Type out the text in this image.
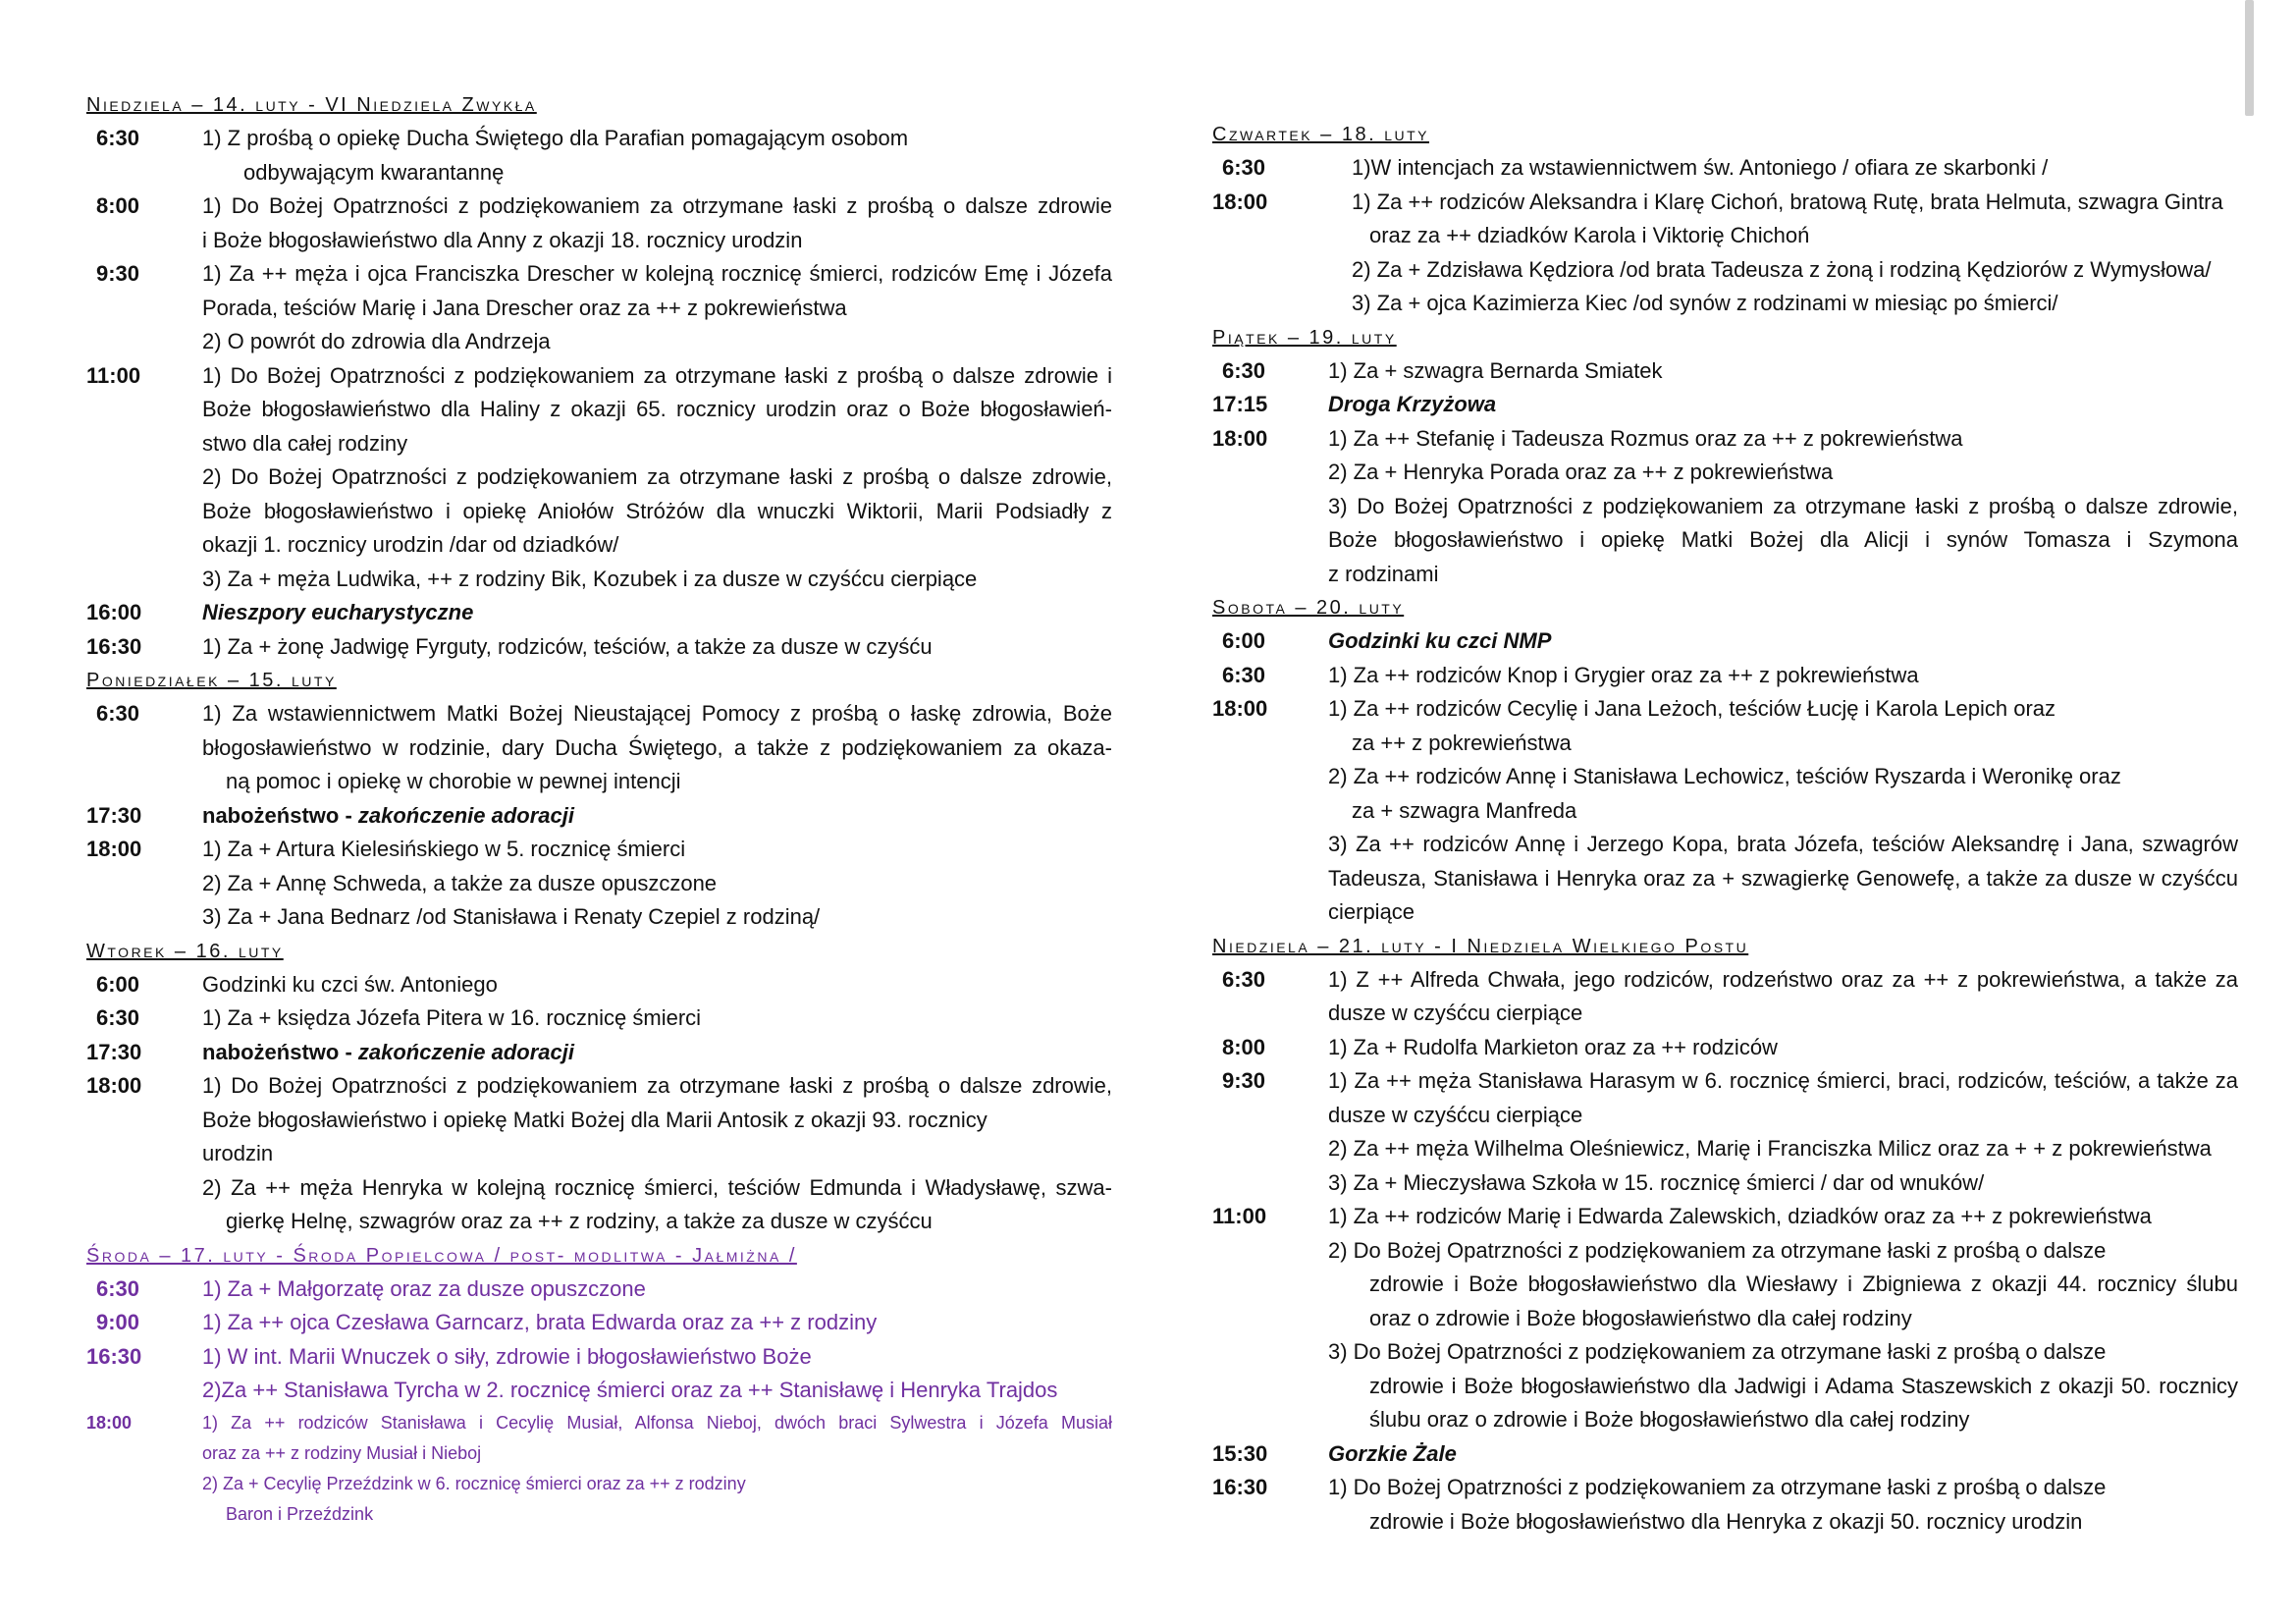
Niedziela – 14. luty - VI Niedziela Zwykła
6:30	1) Z prośbą o opiekę Ducha Świętego dla Parafian pomagającym osobom
odbywającym kwarantannę
8:00	1) Do Bożej Opatrzności z podziękowaniem za otrzymane łaski z prośbą o dalsze zdrowie
i Boże błogosławieństwo dla Anny z okazji 18. rocznicy urodzin
9:30	1) Za ++ męża i ojca Franciszka Drescher w kolejną rocznicę śmierci, rodziców Emę i Józefa
Porada, teściów Marię i Jana Drescher oraz za ++ z pokrewieństwa
2) O powrót do zdrowia dla Andrzeja
11:00	1) Do Bożej Opatrzności z podziękowaniem za otrzymane łaski z prośbą o dalsze zdrowie i
Boże błogosławieństwo dla Haliny z okazji 65. rocznicy urodzin oraz o Boże błogosławień-
stwo dla całej rodziny
2) Do Bożej Opatrzności z podziękowaniem za otrzymane łaski z prośbą o dalsze zdrowie,
Boże błogosławieństwo i opiekę Aniołów Stróżów dla wnuczki Wiktorii, Marii Podsiadły z
okazji 1. rocznicy urodzin /dar od dziadków/
3) Za + męża Ludwika, ++ z rodziny Bik, Kozubek i za dusze w czyśćcu cierpiące
16:00	Nieszpory eucharystyczne
16:30	1) Za + żonę Jadwigę Fyrguty, rodziców, teściów, a także za dusze w czyśću
Poniedziałek – 15. luty
6:30	1) Za wstawiennictwem Matki Bożej Nieustającej Pomocy z prośbą o łaskę zdrowia, Boże
błogosławieństwo w rodzinie, dary Ducha Świętego, a także z podziękowaniem za okaza-
ną pomoc i opiekę w chorobie w pewnej intencji
17:30	nabożeństwo - zakończenie adoracji
18:00	1) Za + Artura Kielesińskiego w 5. rocznicę śmierci
2) Za + Annę Schweda, a także za dusze opuszczone
3) Za + Jana Bednarz /od Stanisława i Renaty Czepiel z rodziną/
Wtorek – 16. luty
6:00	Godzinki ku czci św. Antoniego
6:30	1) Za + księdza Józefa Pitera w 16. rocznicę śmierci
17:30	nabożeństwo - zakończenie adoracji
18:00	1) Do Bożej Opatrzności z podziękowaniem za otrzymane łaski z prośbą o dalsze zdrowie,
Boże błogosławieństwo i opiekę Matki Bożej dla Marii Antosik z okazji 93. rocznicy
urodzin
2) Za ++ męża Henryka w kolejną rocznicę śmierci, teściów Edmunda i Władysławę, szwa-
gierkę Helnę, szwagrów oraz za ++ z rodziny, a także za dusze w czyśćcu
Środa – 17. luty - Środa Popielcowa / post- modlitwa - Jałmiżna /
6:30	1) Za + Małgorzatę oraz za dusze opuszczone
9:00	1) Za ++ ojca Czesława Garncarz, brata Edwarda oraz za ++ z rodziny
16:30	1) W int. Marii Wnuczek o siły, zdrowie i błogosławieństwo Boże
2)Za ++ Stanisława Tyrcha w 2. rocznicę śmierci oraz za ++ Stanisławę i Henryka Trajdos
18:00	1) Za ++ rodziców Stanisława i Cecylię Musiał, Alfonsa Nieboj, dwóch braci Sylwestra i Józefa Musiał
oraz za ++ z rodziny Musiał i Nieboj
2) Za + Cecylię Przeździnk w 6. rocznicę śmierci oraz za ++ z rodziny
Baron i Przeździnk
Czwartek – 18. luty
6:30	1)W intencjach za wstawiennictwem św. Antoniego / ofiara ze skarbonki /
18:00	1) Za ++ rodziców Aleksandra i Klarę Cichoń, bratową Rutę, brata Helmuta, szwagra Gintra
oraz za ++ dziadków Karola i Viktorię Chichoń
2) Za + Zdzisława Kędziora /od brata Tadeusza z żoną i rodziną Kędziorów z Wymysłowa/
3) Za + ojca Kazimierza Kiec /od synów z rodzinami w miesiąc po śmierci/
Piątek – 19. luty
6:30	1) Za + szwagra Bernarda Smiatek
17:15	Droga Krzyżowa
18:00	1) Za ++ Stefanię i Tadeusza Rozmus oraz za ++ z pokrewieństwa
2) Za + Henryka Porada oraz za ++ z pokrewieństwa
3) Do Bożej Opatrzności z podziękowaniem za otrzymane łaski z prośbą o dalsze zdrowie,
Boże błogosławieństwo i opiekę Matki Bożej dla Alicji i synów Tomasza i Szymona
z rodzinami
Sobota – 20. luty
6:00	Godzinki ku czci NMP
6:30	1) Za ++ rodziców Knop i Grygier oraz za ++ z pokrewieństwa
18:00	1) Za ++ rodziców Cecylię i Jana Leżoch, teściów Łucję i Karola Lepich oraz
za ++ z pokrewieństwa
2) Za ++ rodziców Annę i Stanisława Lechowicz, teściów Ryszarda i Weronikę oraz
za + szwagra Manfreda
3) Za ++ rodziców Annę i Jerzego Kopa, brata Józefa, teściów Aleksandrę i Jana, szwagrów
Tadeusza, Stanisława i Henryka oraz za + szwagierkę Genowefę, a także za dusze w czyśćcu
cierpiące
Niedziela – 21. luty - I Niedziela Wielkiego Postu
6:30	1) Z ++ Alfreda Chwała, jego rodziców, rodzeństwo oraz za ++ z pokrewieństwa, a także za
dusze w czyśćcu cierpiące
8:00	1) Za + Rudolfa Markieton oraz za ++ rodziców
9:30	1) Za ++ męża Stanisława Harasym w 6. rocznicę śmierci, braci, rodziców, teściów, a także za
dusze w czyśćcu cierpiące
2) Za ++ męża Wilhelma Oleśniewicz, Marię i Franciszka Milicz oraz za + + z pokrewieństwa
3) Za + Mieczysława Szkoła w 15. rocznicę śmierci / dar od wnuków/
11:00	1) Za ++ rodziców Marię i Edwarda Zalewskich, dziadków oraz za ++ z pokrewieństwa
2) Do Bożej Opatrzności z podziękowaniem za otrzymane łaski z prośbą o dalsze
zdrowie i Boże błogosławieństwo dla Wiesławy i Zbigniewa z okazji 44. rocznicy ślubu
oraz o zdrowie i Boże błogosławieństwo dla całej rodziny
3) Do Bożej Opatrzności z podziękowaniem za otrzymane łaski z prośbą o dalsze
zdrowie i Boże błogosławieństwo dla Jadwigi i Adama Staszewskich z okazji 50. rocznicy
ślubu oraz o zdrowie i Boże błogosławieństwo dla całej rodziny
15:30	Gorzkie Żale
16:30	1) Do Bożej Opatrzności z podziękowaniem za otrzymane łaski z prośbą o dalsze
zdrowie i Boże błogosławieństwo dla Henryka z okazji 50. rocznicy urodzin
